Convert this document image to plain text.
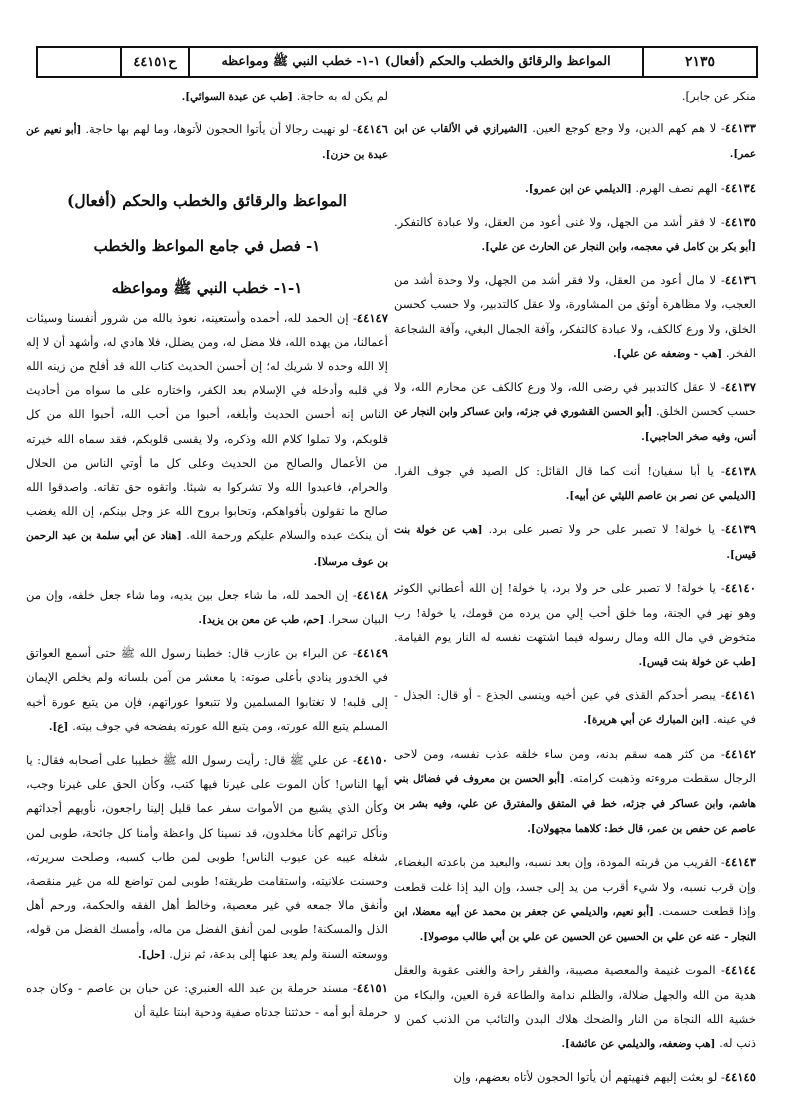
٢١٣٥
المواعظ والرقائق والخطب والحكم (أفعال) ١-١- خطب النبي ﷺ ومواعظه
ح٤٤١٥١

منكر عن جابر].

٤٤١٣٣- لا هم كهم الدين، ولا وجع كوجع العين. [الشيرازي في الألقاب عن ابن عمر].

٤٤١٣٤- الهم نصف الهرم. [الديلمي عن ابن عمرو].

٤٤١٣٥- لا فقر أشد من الجهل، ولا غنى أعود من العقل، ولا عبادة كالتفكر. [أبو بكر بن كامل في معجمه، وابن النجار عن الحارث عن علي].

٤٤١٣٦- لا مال أعود من العقل، ولا فقر أشد من الجهل، ولا وحدة أشد من العجب، ولا مظاهرة أوثق من المشاورة، ولا عقل كالتدبير، ولا حسب كحسن الخلق، ولا ورع كالكف، ولا عبادة كالتفكر، وآفة الجمال البغي، وآفة الشجاعة الفخر. [هب - وضعفه عن علي].

٤٤١٣٧- لا عقل كالتدبير في رضى الله، ولا ورع كالكف عن محارم الله، ولا حسب كحسن الخلق. [أبو الحسن القشوري في جزئه، وابن عساكر وابن النجار عن أنس، وفيه صخر الحاجبي].

٤٤١٣٨- يا أبا سفيان! أنت كما قال القائل: كل الصيد في جوف الفرا. [الديلمي عن نصر بن عاصم الليثي عن أبيه].

٤٤١٣٩- يا خولة! لا تصبر على حر ولا تصبر على برد. [هب عن خولة بنت قيس].

٤٤١٤٠- يا خولة! لا تصبر على حر ولا برد، يا خولة! إن الله أعطاني الكوثر وهو نهر في الجنة، وما خلق أحب إلي من يرده من قومك، يا خولة! رب متخوض في مال الله ومال رسوله فيما اشتهت نفسه له النار يوم القيامة. [طب عن خولة بنت قيس].

٤٤١٤١- يبصر أحدكم القذى في عين أخيه وينسى الجذع - أو قال: الجذل - في عينه. [ابن المبارك عن أبي هريرة].

٤٤١٤٢- من كثر همه سقم بدنه، ومن ساء خلقه عذب نفسه، ومن لاحى الرجال سقطت مروءته وذهبت كرامته. [أبو الحسن بن معروف في فضائل بني هاشم، وابن عساكر في جزئه، خط في المتفق والمفترق عن علي، وفيه بشر بن عاصم عن حفص بن عمر، قال خط: كلاهما مجهولان].

٤٤١٤٣- القريب من قربته المودة، وإن بعد نسبه، والبعيد من باعدته البغضاء، وإن قرب نسبه، ولا شيء أقرب من يد إلى جسد، وإن اليد إذا غلت قطعت وإذا قطعت حسمت. [أبو نعيم، والديلمي عن جعفر بن محمد عن أبيه معضلا، ابن النجار - عنه عن علي بن الحسين عن الحسين عن علي بن أبي طالب موصولا].

٤٤١٤٤- الموت غنيمة والمعصية مصيبة، والفقر راحة والغنى عقوبة والعقل هدية من الله والجهل ضلالة، والظلم ندامة والطاعة قرة العين، والبكاء من خشية الله النجاة من النار والضحك هلاك البدن والتائب من الذنب كمن لا ذنب له. [هب وضعفه، والديلمي عن عائشة].

٤٤١٤٥- لو بعثت إليهم فنهيتهم أن يأتوا الحجون لأتاه بعضهم، وإن

لم يكن له به حاجة. [طب عن عبدة السوائي].

٤٤١٤٦- لو نهيت رجالا أن يأتوا الحجون لأتوها، وما لهم بها حاجة. [أبو نعيم عن عبدة بن حزن].

المواعظ والرقائق والخطب والحكم (أفعال)
١- فصل في جامع المواعظ والخطب
١-١- خطب النبي ﷺ ومواعظه

٤٤١٤٧- إن الحمد لله، أحمده وأستعينه، نعوذ بالله من شرور أنفسنا وسيئات أعمالنا، من يهده الله، فلا مضل له، ومن يضلل، فلا هادي له، وأشهد أن لا إله إلا الله وحده لا شريك له؛ إن أحسن الحديث كتاب الله قد أفلح من زينه الله في قلبه وأدخله في الإسلام بعد الكفر، واختاره على ما سواه من أحاديث الناس إنه أحسن الحديث وأبلغه، أحبوا من أحب الله، أحبوا الله من كل قلوبكم، ولا تملوا كلام الله وذكره، ولا يقسى قلوبكم، فقد سماه الله خيرته من الأعمال والصالح من الحديث وعلى كل ما أوتي الناس من الحلال والحرام، فاعبدوا الله ولا تشركوا به شيئا. واتقوه حق تقاته. واصدقوا الله صالح ما تقولون بأفواهكم، وتحابوا بروح الله عز وجل بينكم، إن الله يغضب أن ينكث عبده والسلام عليكم ورحمة الله. [هناد عن أبي سلمة بن عبد الرحمن بن عوف مرسلا].

٤٤١٤٨- إن الحمد لله، ما شاء جعل بين يديه، وما شاء جعل خلفه، وإن من البيان سحرا. [حم، طب عن معن بن يزيد].

٤٤١٤٩- عن البراء بن عازب قال: خطبنا رسول الله ﷺ حتى أسمع العواتق في الخدور ينادي بأعلى صوته: يا معشر من آمن بلسانه ولم يخلص الإيمان إلى قلبه! لا تغتابوا المسلمين ولا تتبعوا عوراتهم، فإن من يتبع عورة أخيه المسلم يتبع الله عورته، ومن يتبع الله عورته يفضحه في جوف بيته. [ع].

٤٤١٥٠- عن علي ﷺ قال: رأيت رسول الله ﷺ خطيبا على أصحابه فقال: يا أيها الناس! كأن الموت على غيرنا فيها كتب، وكأن الحق على غيرنا وجب، وكأن الذي يشيع من الأموات سفر عما قليل إلينا راجعون، نأويهم أجداثهم ونأكل تراثهم كأنا مخلدون، قد نسينا كل واعظة وأمنا كل جائحة، طوبى لمن شغله عيبه عن عيوب الناس! طوبى لمن طاب كسبه، وصلحت سريرته، وحسنت علانيته، واستقامت طريقته! طوبى لمن تواضع لله من غير منقصة، وأنفق مالا جمعه في غير معصية، وخالط أهل الفقه والحكمة، ورحم أهل الذل والمسكنة! طوبى لمن أنفق الفضل من ماله، وأمسك الفضل من قوله، ووسعته السنة ولم يعد عنها إلى بدعة، ثم نزل. [حل].

٤٤١٥١- مسند حرملة بن عبد الله العنبري: عن حبان بن عاصم - وكان جده حرملة أبو أمه - حدثتنا جدتاه صفية ودحية ابنتا علية أن
